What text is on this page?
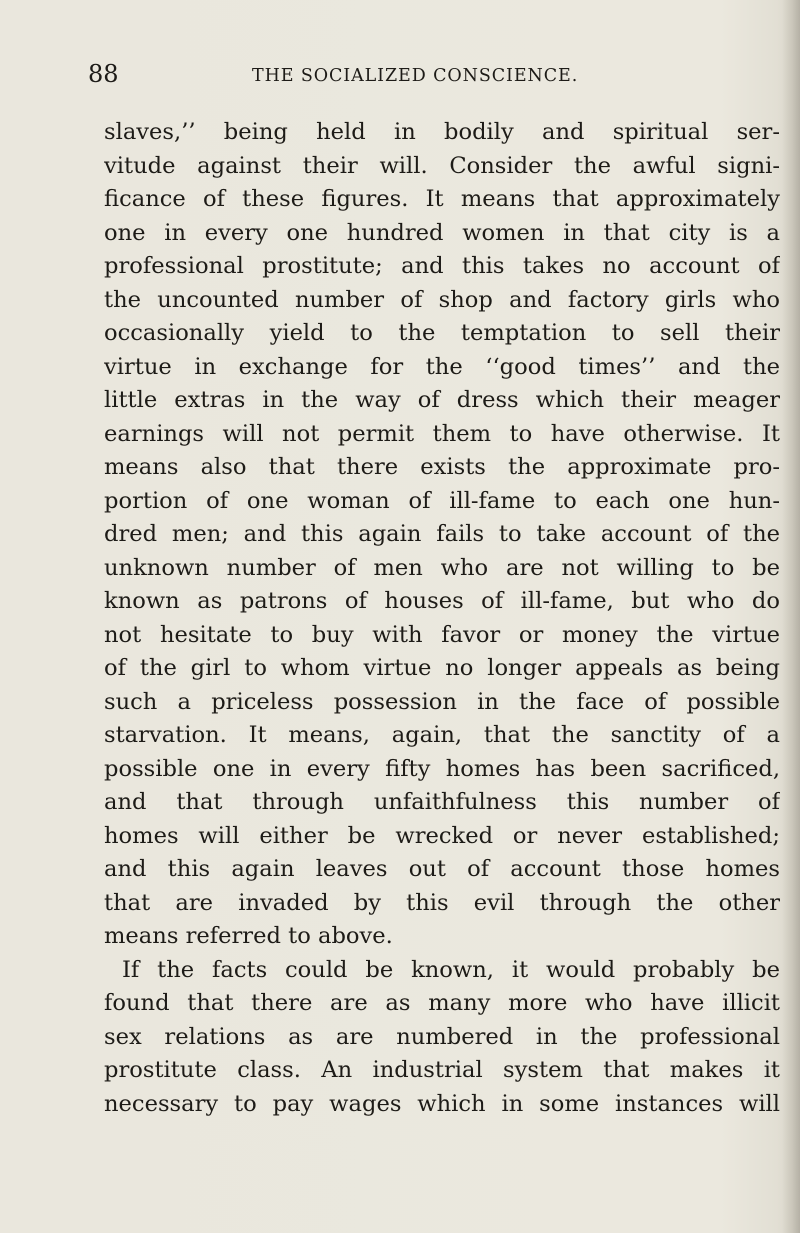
88	THE SOCIALIZED CONSCIENCE.
slaves,’’ being held in bodily and spiritual ser-
vitude against their will. Consider the awful signi-
ficance of these figures. It means that approximately
one in every one hundred women in that city is a
professional prostitute; and this takes no account of
the uncounted number of shop and factory girls who
occasionally yield to the temptation to sell their
virtue in exchange for the ‘‘good times’’ and the
little extras in the way of dress which their meager
earnings will not permit them to have otherwise. It
means also that there exists the approximate pro-
portion of one woman of ill-fame to each one hun-
dred men; and this again fails to take account of the
unknown number of men who are not willing to be
known as patrons of houses of ill-fame, but who do
not hesitate to buy with favor or money the virtue
of the girl to whom virtue no longer appeals as being
such a priceless possession in the face of possible
starvation. It means, again, that the sanctity of a
possible one in every fifty homes has been sacrificed,
and that through unfaithfulness this number of
homes will either be wrecked or never established;
and this again leaves out of account those homes
that are invaded by this evil through the other
means referred to above.
If the facts could be known, it would probably be
found that there are as many more who have illicit
sex relations as are numbered in the professional
prostitute class. An industrial system that makes it
necessary to pay wages which in some instances will
